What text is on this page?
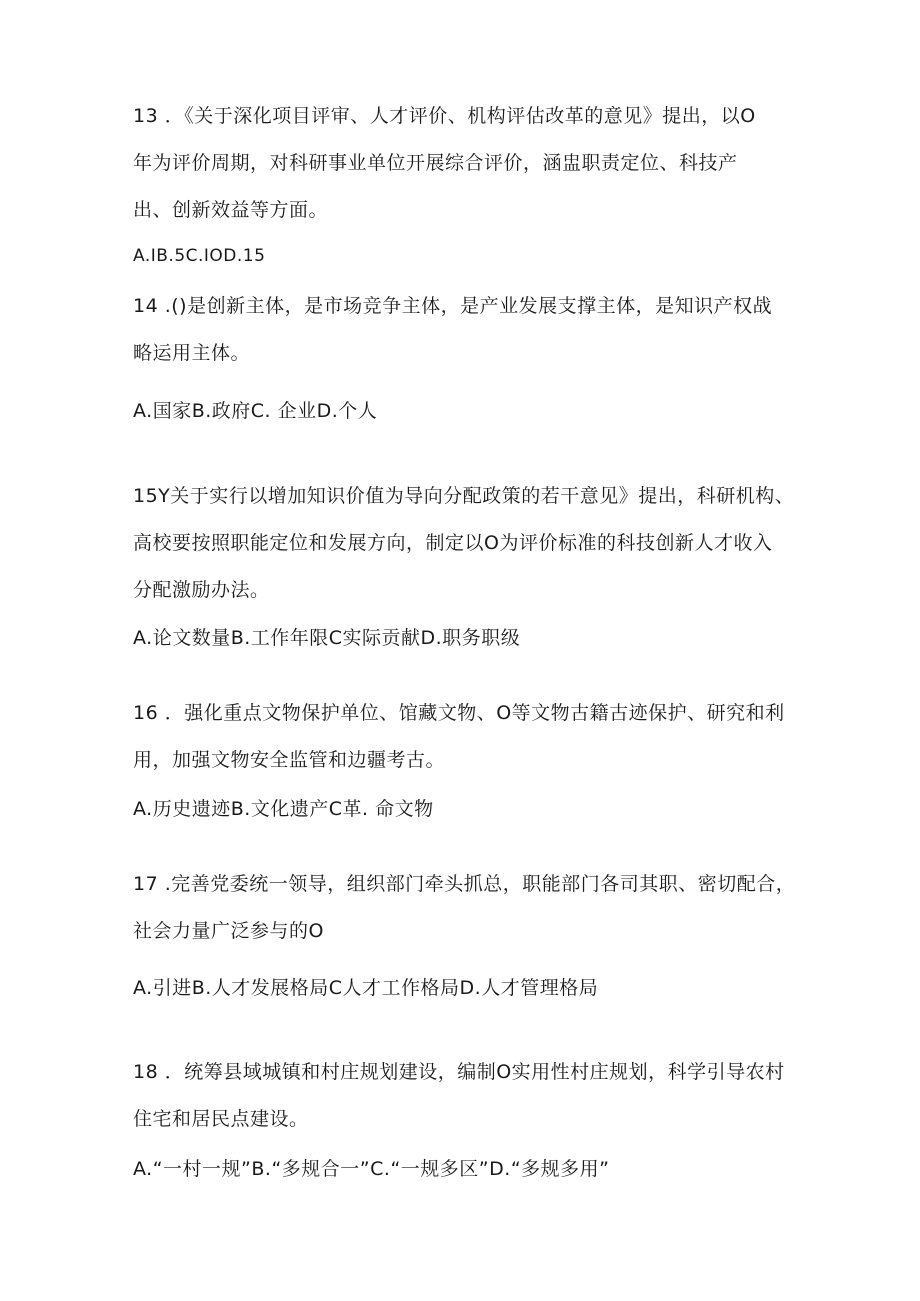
13 ．《关于深化项目评审、人才评价、机构评估改革的意见》提出，以O
年为评价周期，对科研事业单位开展综合评价，涵盅职责定位、科技产
出、创新效益等方面。
A.IB.5C.IOD.15
14 .()是创新主体，是市场竞争主体，是产业发展支撑主体，是知识产权战
略运用主体。
A.国家B.政府C. 企业D.个人
15Y关于实行以增加知识价值为导向分配政策的若干意见》提出，科研机构、
高校要按照职能定位和发展方向，制定以O为评价标准的科技创新人才收入
分配激励办法。
A.论文数量B.工作年限C实际贡献D.职务职级
16 ．强化重点文物保护单位、馆藏文物、O等文物古籍古迹保护、研究和利
用，加强文物安全监管和边疆考古。
A.历史遗迹B.文化遗产C革. 命文物
17 .完善党委统一领导，组织部门牵头抓总，职能部门各司其职、密切配合，
社会力量广泛参与的O
A.引进B.人才发展格局C人才工作格局D.人才管理格局
18 ．统筹县域城镇和村庄规划建设，编制O实用性村庄规划，科学引导农村
住宅和居民点建设。
A.“一村一规”B.“多规合一”C.“一规多区”D.“多规多用”
